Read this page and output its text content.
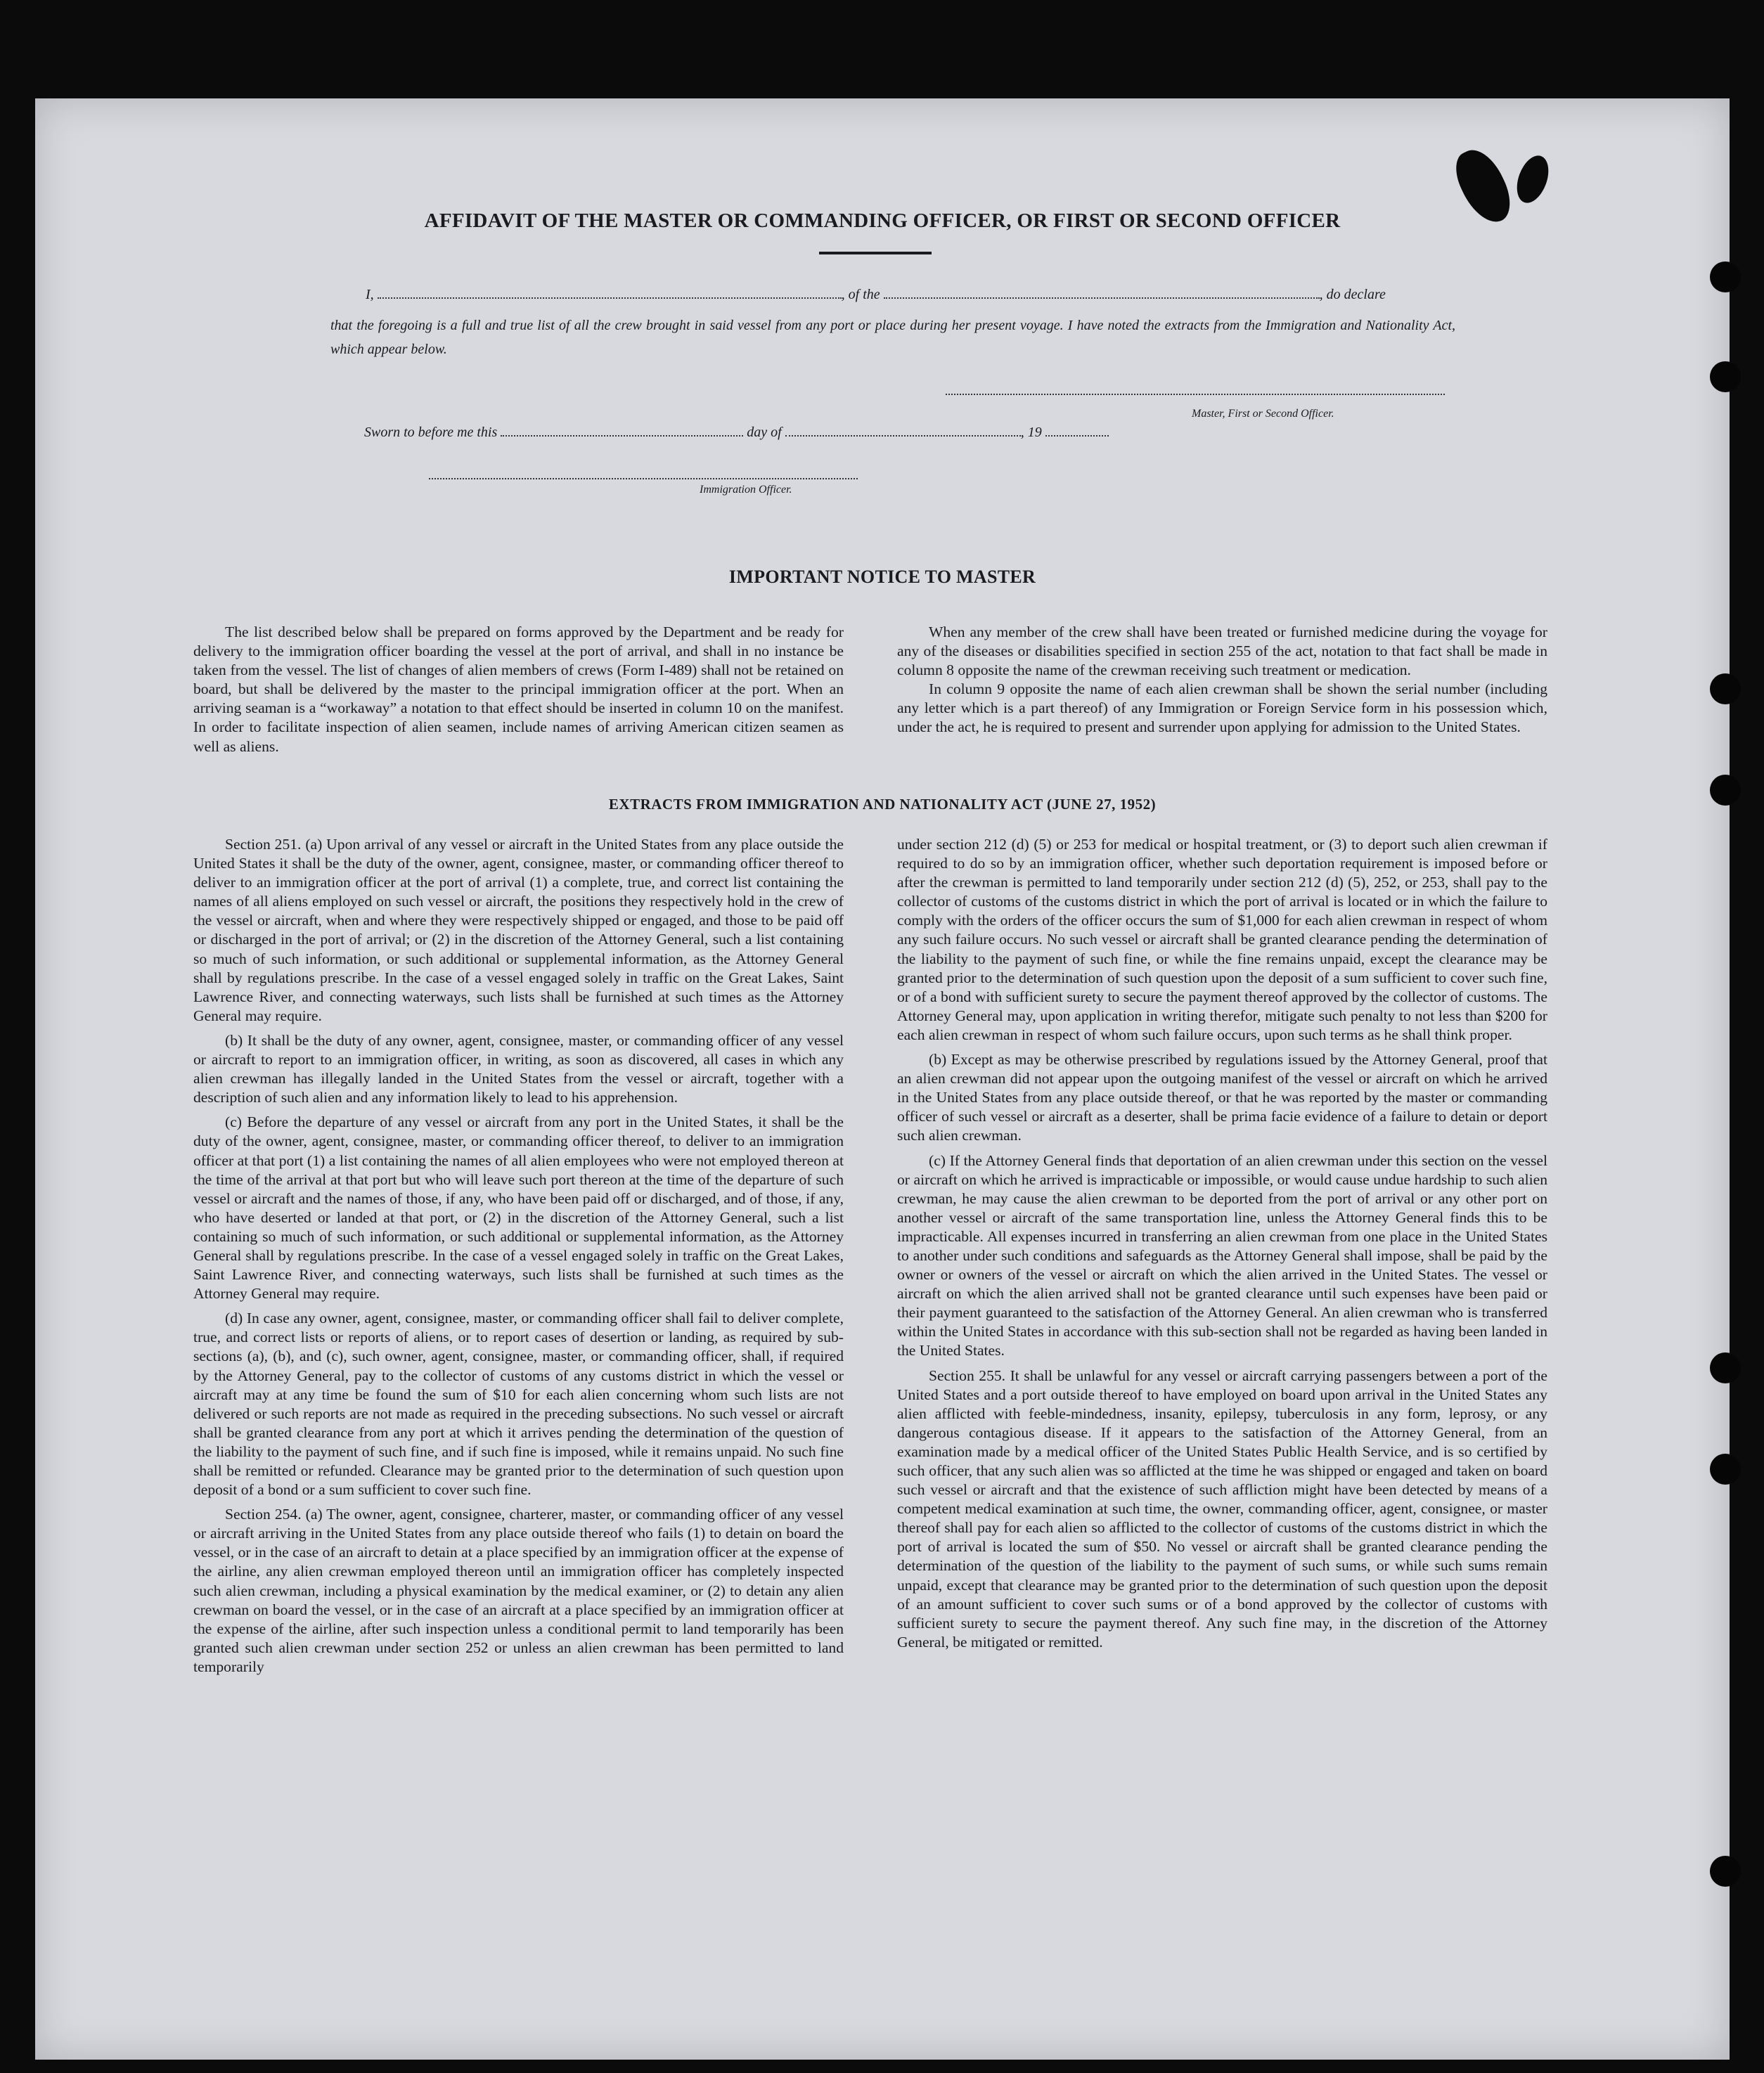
AFFIDAVIT OF THE MASTER OR COMMANDING OFFICER, OR FIRST OR SECOND OFFICER
I,	, of the	, do declare
that the foregoing is a full and true list of all the crew brought in said vessel from any port or place during her present voyage. I have noted the extracts from the Immigration and Nationality Act, which appear below.
Master, First or Second Officer.
Sworn to before me this	day of	, 19
Immigration Officer.
IMPORTANT NOTICE TO MASTER

The list described below shall be prepared on forms approved by the Department and be ready for delivery to the immigration officer boarding the vessel at the port of arrival, and shall in no instance be taken from the vessel. The list of changes of alien members of crews (Form I-489) shall not be retained on board, but shall be delivered by the master to the principal immigration officer at the port. When an arriving seaman is a “workaway” a notation to that effect should be inserted in column 10 on the manifest. In order to facilitate inspection of alien seamen, include names of arriving American citizen seamen as well as aliens.

When any member of the crew shall have been treated or furnished medicine during the voyage for any of the diseases or disabilities specified in section 255 of the act, notation to that fact shall be made in column 8 opposite the name of the crewman receiving such treatment or medication.

In column 9 opposite the name of each alien crewman shall be shown the serial number (including any letter which is a part thereof) of any Immigration or Foreign Service form in his possession which, under the act, he is required to present and surrender upon applying for admission to the United States.

EXTRACTS FROM IMMIGRATION AND NATIONALITY ACT (JUNE 27, 1952)

Section 251. (a) Upon arrival of any vessel or aircraft in the United States from any place outside the United States it shall be the duty of the owner, agent, consignee, master, or commanding officer thereof to deliver to an immigration officer at the port of arrival (1) a complete, true, and correct list containing the names of all aliens employed on such vessel or aircraft, the positions they respectively hold in the crew of the vessel or aircraft, when and where they were respectively shipped or engaged, and those to be paid off or discharged in the port of arrival; or (2) in the discretion of the Attorney General, such a list containing so much of such information, or such additional or supplemental information, as the Attorney General shall by regulations prescribe. In the case of a vessel engaged solely in traffic on the Great Lakes, Saint Lawrence River, and connecting waterways, such lists shall be furnished at such times as the Attorney General may require.

(b) It shall be the duty of any owner, agent, consignee, master, or commanding officer of any vessel or aircraft to report to an immigration officer, in writing, as soon as discovered, all cases in which any alien crewman has illegally landed in the United States from the vessel or aircraft, together with a description of such alien and any information likely to lead to his apprehension.

(c) Before the departure of any vessel or aircraft from any port in the United States, it shall be the duty of the owner, agent, consignee, master, or commanding officer thereof, to deliver to an immigration officer at that port (1) a list containing the names of all alien employees who were not employed thereon at the time of the arrival at that port but who will leave such port thereon at the time of the departure of such vessel or aircraft and the names of those, if any, who have been paid off or discharged, and of those, if any, who have deserted or landed at that port, or (2) in the discretion of the Attorney General, such a list containing so much of such information, or such additional or supplemental information, as the Attorney General shall by regulations prescribe. In the case of a vessel engaged solely in traffic on the Great Lakes, Saint Lawrence River, and connecting waterways, such lists shall be furnished at such times as the Attorney General may require.

(d) In case any owner, agent, consignee, master, or commanding officer shall fail to deliver complete, true, and correct lists or reports of aliens, or to report cases of desertion or landing, as required by sub-sections (a), (b), and (c), such owner, agent, consignee, master, or commanding officer, shall, if required by the Attorney General, pay to the collector of customs of any customs district in which the vessel or aircraft may at any time be found the sum of $10 for each alien concerning whom such lists are not delivered or such reports are not made as required in the preceding subsections. No such vessel or aircraft shall be granted clearance from any port at which it arrives pending the determination of the question of the liability to the payment of such fine, and if such fine is imposed, while it remains unpaid. No such fine shall be remitted or refunded. Clearance may be granted prior to the determination of such question upon deposit of a bond or a sum sufficient to cover such fine.

Section 254. (a) The owner, agent, consignee, charterer, master, or commanding officer of any vessel or aircraft arriving in the United States from any place outside thereof who fails (1) to detain on board the vessel, or in the case of an aircraft to detain at a place specified by an immigration officer at the expense of the airline, any alien crewman employed thereon until an immigration officer has completely inspected such alien crewman, including a physical examination by the medical examiner, or (2) to detain any alien crewman on board the vessel, or in the case of an aircraft at a place specified by an immigration officer at the expense of the airline, after such inspection unless a conditional permit to land temporarily has been granted such alien crewman under section 252 or unless an alien crewman has been permitted to land temporarily

under section 212 (d) (5) or 253 for medical or hospital treatment, or (3) to deport such alien crewman if required to do so by an immigration officer, whether such deportation requirement is imposed before or after the crewman is permitted to land temporarily under section 212 (d) (5), 252, or 253, shall pay to the collector of customs of the customs district in which the port of arrival is located or in which the failure to comply with the orders of the officer occurs the sum of $1,000 for each alien crewman in respect of whom any such failure occurs. No such vessel or aircraft shall be granted clearance pending the determination of the liability to the payment of such fine, or while the fine remains unpaid, except the clearance may be granted prior to the determination of such question upon the deposit of a sum sufficient to cover such fine, or of a bond with sufficient surety to secure the payment thereof approved by the collector of customs. The Attorney General may, upon application in writing therefor, mitigate such penalty to not less than $200 for each alien crewman in respect of whom such failure occurs, upon such terms as he shall think proper.

(b) Except as may be otherwise prescribed by regulations issued by the Attorney General, proof that an alien crewman did not appear upon the outgoing manifest of the vessel or aircraft on which he arrived in the United States from any place outside thereof, or that he was reported by the master or commanding officer of such vessel or aircraft as a deserter, shall be prima facie evidence of a failure to detain or deport such alien crewman.

(c) If the Attorney General finds that deportation of an alien crewman under this section on the vessel or aircraft on which he arrived is impracticable or impossible, or would cause undue hardship to such alien crewman, he may cause the alien crewman to be deported from the port of arrival or any other port on another vessel or aircraft of the same transportation line, unless the Attorney General finds this to be impracticable. All expenses incurred in transferring an alien crewman from one place in the United States to another under such conditions and safeguards as the Attorney General shall impose, shall be paid by the owner or owners of the vessel or aircraft on which the alien arrived in the United States. The vessel or aircraft on which the alien arrived shall not be granted clearance until such expenses have been paid or their payment guaranteed to the satisfaction of the Attorney General. An alien crewman who is transferred within the United States in accordance with this sub-section shall not be regarded as having been landed in the United States.

Section 255. It shall be unlawful for any vessel or aircraft carrying passengers between a port of the United States and a port outside thereof to have employed on board upon arrival in the United States any alien afflicted with feeble-mindedness, insanity, epilepsy, tuberculosis in any form, leprosy, or any dangerous contagious disease. If it appears to the satisfaction of the Attorney General, from an examination made by a medical officer of the United States Public Health Service, and is so certified by such officer, that any such alien was so afflicted at the time he was shipped or engaged and taken on board such vessel or aircraft and that the existence of such affliction might have been detected by means of a competent medical examination at such time, the owner, commanding officer, agent, consignee, or master thereof shall pay for each alien so afflicted to the collector of customs of the customs district in which the port of arrival is located the sum of $50. No vessel or aircraft shall be granted clearance pending the determination of the question of the liability to the payment of such sums, or while such sums remain unpaid, except that clearance may be granted prior to the determination of such question upon the deposit of an amount sufficient to cover such sums or of a bond approved by the collector of customs with sufficient surety to secure the payment thereof. Any such fine may, in the discretion of the Attorney General, be mitigated or remitted.
